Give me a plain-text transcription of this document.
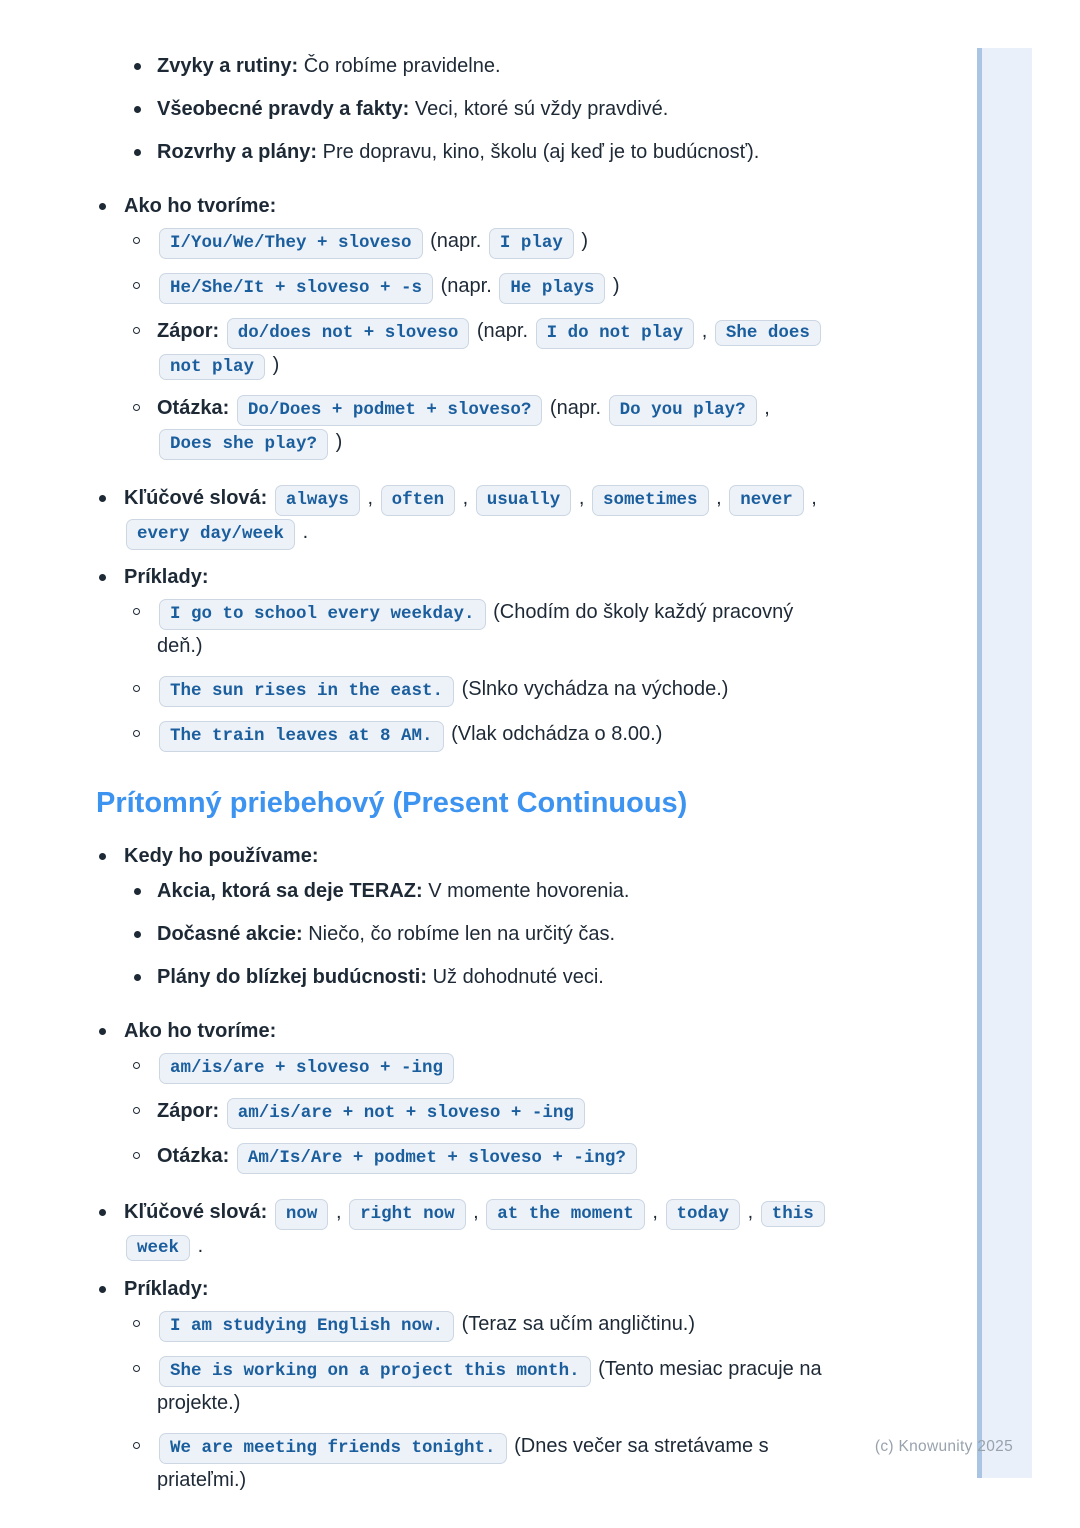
Zvyky a rutiny: Čo robíme pravidelne.
Všeobecné pravdy a fakty: Veci, ktoré sú vždy pravdivé.
Rozvrhy a plány: Pre dopravu, kino, školu (aj keď je to budúcnosť).
Ako ho tvoríme:
I/You/We/They + sloveso (napr. I play )
He/She/It + sloveso + -s (napr. He plays )
Zápor: do/does not + sloveso (napr. I do not play , She does not play )
Otázka: Do/Does + podmet + sloveso? (napr. Do you play? , Does she play? )
Kľúčové slová: always , often , usually , sometimes , never , every day/week .
Príklady:
I go to school every weekday. (Chodím do školy každý pracovný deň.)
The sun rises in the east. (Slnko vychádza na východe.)
The train leaves at 8 AM. (Vlak odchádza o 8.00.)
Prítomný priebehový (Present Continuous)
Kedy ho používame:
Akcia, ktorá sa deje TERAZ: V momente hovorenia.
Dočasné akcie: Niečo, čo robíme len na určitý čas.
Plány do blízkej budúcnosti: Už dohodnuté veci.
Ako ho tvoríme:
am/is/are + sloveso + -ing
Zápor: am/is/are + not + sloveso + -ing
Otázka: Am/Is/Are + podmet + sloveso + -ing?
Kľúčové slová: now , right now , at the moment , today , this week .
Príklady:
I am studying English now. (Teraz sa učím angličtinu.)
She is working on a project this month. (Tento mesiac pracuje na projekte.)
We are meeting friends tonight. (Dnes večer sa stretávame s priateľmi.)
(c) Knowunity 2025
